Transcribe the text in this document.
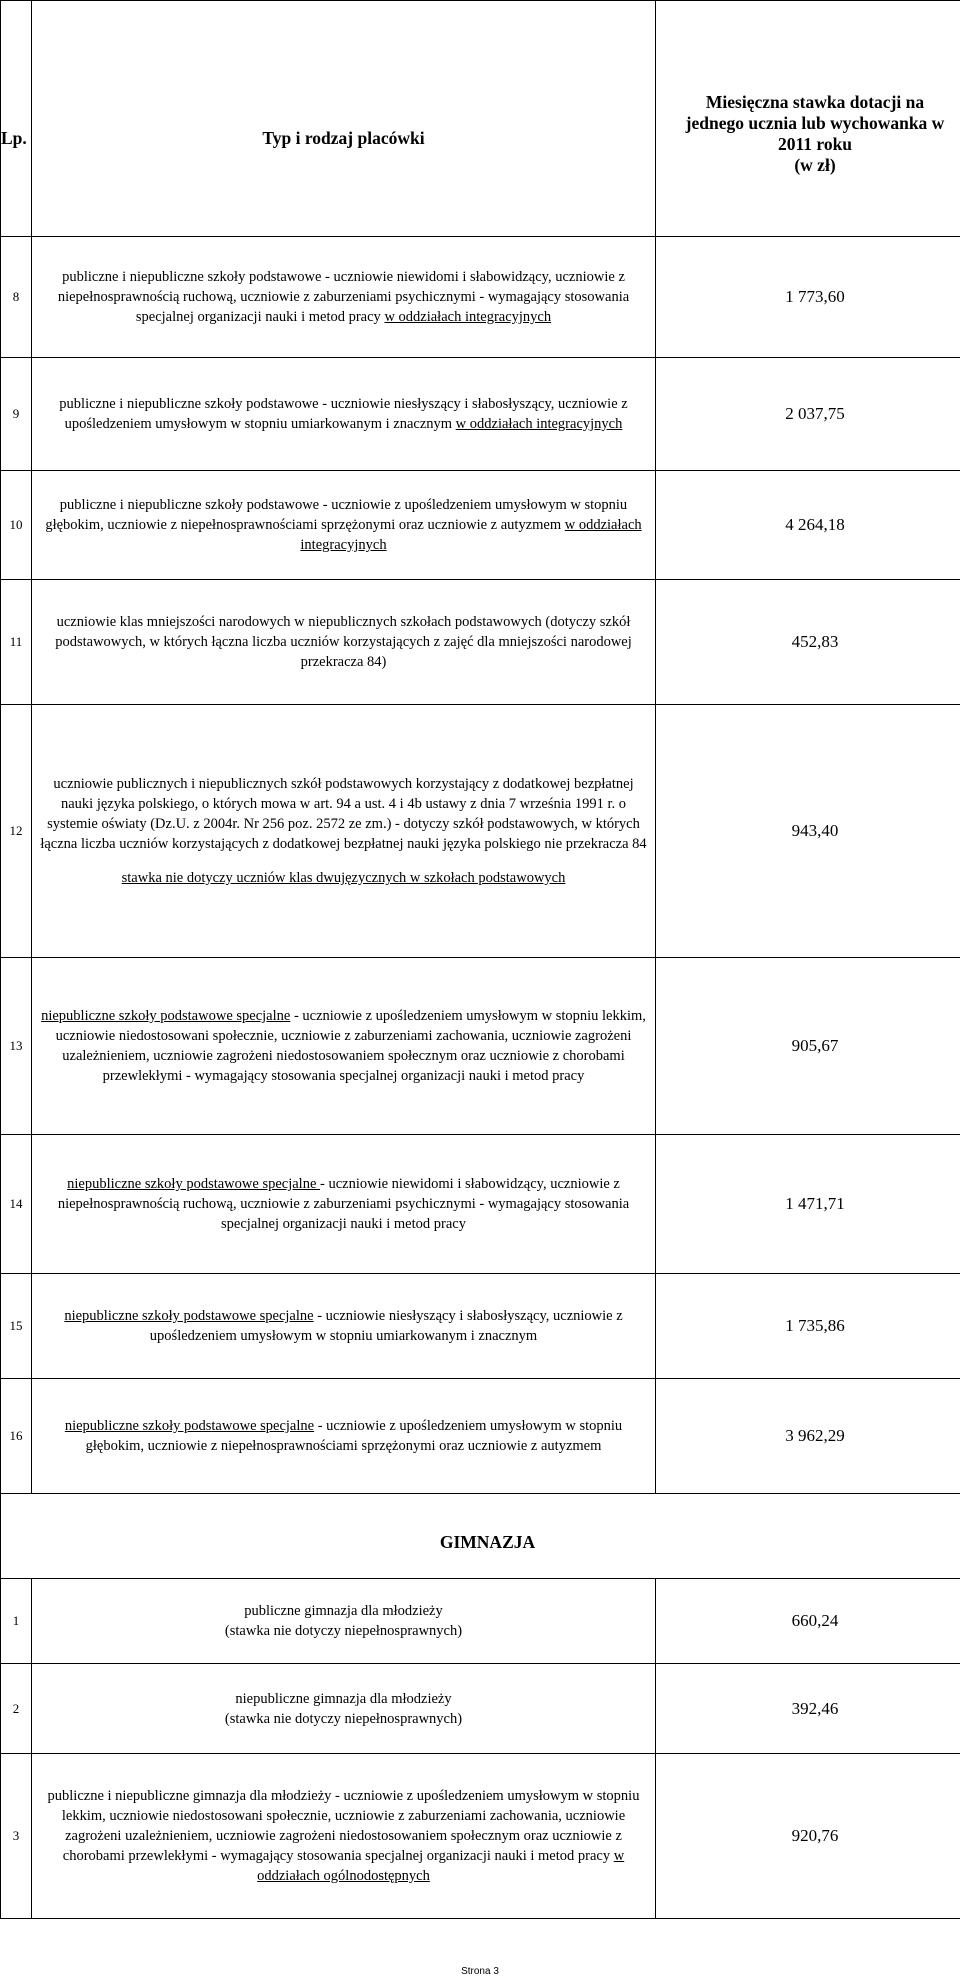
Lp.	Typ i rodzaj placówki	Miesięczna stawka dotacji na
jednego ucznia lub wychowanka w
2011 roku
(w zł)

8	publiczne i niepubliczne szkoły podstawowe - uczniowie niewidomi i słabowidzący, uczniowie z niepełnosprawnością ruchową, uczniowie z zaburzeniami psychicznymi - wymagający stosowania specjalnej organizacji nauki i metod pracy w oddziałach integracyjnych	1 773,60
9	publiczne i niepubliczne szkoły podstawowe - uczniowie niesłyszący i słabosłyszący, uczniowie z upośledzeniem umysłowym w stopniu umiarkowanym i znacznym w oddziałach integracyjnych	2 037,75
10	publiczne i niepubliczne szkoły podstawowe - uczniowie z upośledzeniem umysłowym w stopniu głębokim, uczniowie z niepełnosprawnościami sprzężonymi oraz uczniowie z autyzmem w oddziałach integracyjnych	4 264,18
11	uczniowie klas mniejszości narodowych w niepublicznych szkołach podstawowych (dotyczy szkół podstawowych, w których łączna liczba uczniów korzystających z zajęć dla mniejszości narodowej przekracza 84)	452,83
12	uczniowie publicznych i niepublicznych szkół podstawowych korzystający z dodatkowej bezpłatnej nauki języka polskiego, o których mowa w art. 94 a ust. 4 i 4b ustawy z dnia 7 września 1991 r. o systemie oświaty (Dz.U. z 2004r. Nr 256 poz. 2572 ze zm.) - dotyczy szkół podstawowych, w których łączna liczba uczniów korzystających z dodatkowej bezpłatnej nauki języka polskiego nie przekracza 84
stawka nie dotyczy uczniów klas dwujęzycznych w szkołach podstawowych	943,40
13	niepubliczne szkoły podstawowe specjalne - uczniowie z upośledzeniem umysłowym w stopniu lekkim, uczniowie niedostosowani społecznie, uczniowie z zaburzeniami zachowania, uczniowie zagrożeni uzależnieniem, uczniowie zagrożeni niedostosowaniem społecznym oraz uczniowie z chorobami przewlekłymi - wymagający stosowania specjalnej organizacji nauki i metod pracy	905,67
14	niepubliczne szkoły podstawowe specjalne - uczniowie niewidomi i słabowidzący, uczniowie z niepełnosprawnością ruchową, uczniowie z zaburzeniami psychicznymi - wymagający stosowania specjalnej organizacji nauki i metod pracy	1 471,71
15	niepubliczne szkoły podstawowe specjalne - uczniowie niesłyszący i słabosłyszący, uczniowie z upośledzeniem umysłowym w stopniu umiarkowanym i znacznym	1 735,86
16	niepubliczne szkoły podstawowe specjalne - uczniowie z upośledzeniem umysłowym w stopniu głębokim, uczniowie z niepełnosprawnościami sprzężonymi oraz uczniowie z autyzmem	3 962,29
GIMNAZJA		
1	publiczne gimnazja dla młodzieży
(stawka nie dotyczy niepełnosprawnych)	660,24
2	niepubliczne gimnazja dla młodzieży
(stawka nie dotyczy niepełnosprawnych)	392,46
3	publiczne i niepubliczne gimnazja dla młodzieży - uczniowie z upośledzeniem umysłowym w stopniu lekkim, uczniowie niedostosowani społecznie, uczniowie z zaburzeniami zachowania, uczniowie zagrożeni uzależnieniem, uczniowie zagrożeni niedostosowaniem społecznym oraz uczniowie z chorobami przewlekłymi - wymagający stosowania specjalnej organizacji nauki i metod pracy w oddziałach ogólnodostępnych	920,76
Strona 3
